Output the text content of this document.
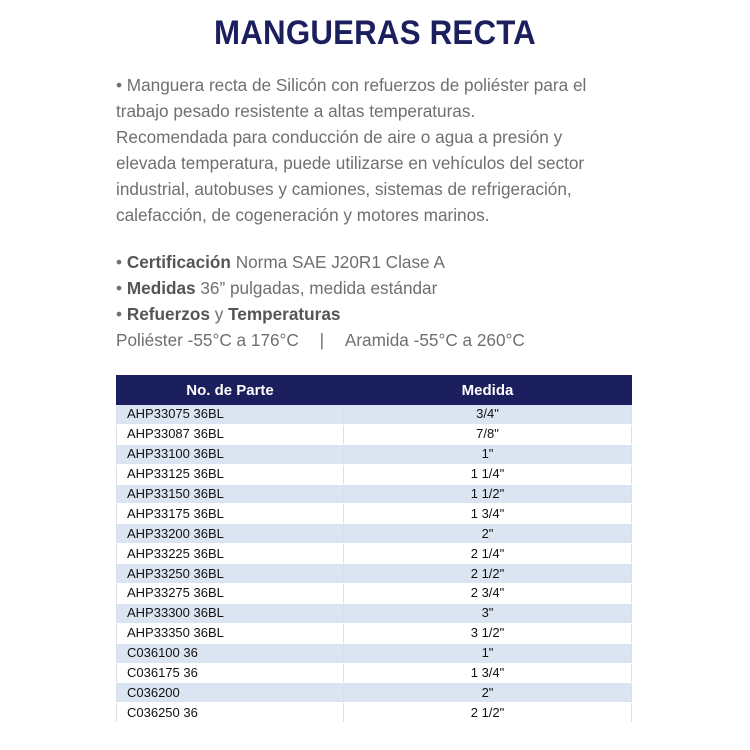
MANGUERAS RECTA
• Manguera recta de Silicón con refuerzos de poliéster para el
trabajo pesado resistente a altas temperaturas.
Recomendada para conducción de aire o agua a presión y
elevada temperatura, puede utilizarse en vehículos del sector
industrial, autobuses y camiones, sistemas de refrigeración,
calefacción, de cogeneración y motores marinos.
• Certificación Norma SAE J20R1 Clase A
• Medidas 36” pulgadas, medida estándar
• Refuerzos y Temperaturas
Poliéster -55°C a 176°C | Aramida -55°C a 260°C
No. de Parte	Medida
AHP33075 36BL	3/4"
AHP33087 36BL	7/8"
AHP33100 36BL	1"
AHP33125 36BL	1 1/4"
AHP33150 36BL	1 1/2"
AHP33175 36BL	1 3/4"
AHP33200 36BL	2"
AHP33225 36BL	2 1/4"
AHP33250 36BL	2 1/2"
AHP33275 36BL	2 3/4"
AHP33300 36BL	3"
AHP33350 36BL	3 1/2"
C036100 36	1"
C036175 36	1 3/4"
C036200	2"
C036250 36	2 1/2"
